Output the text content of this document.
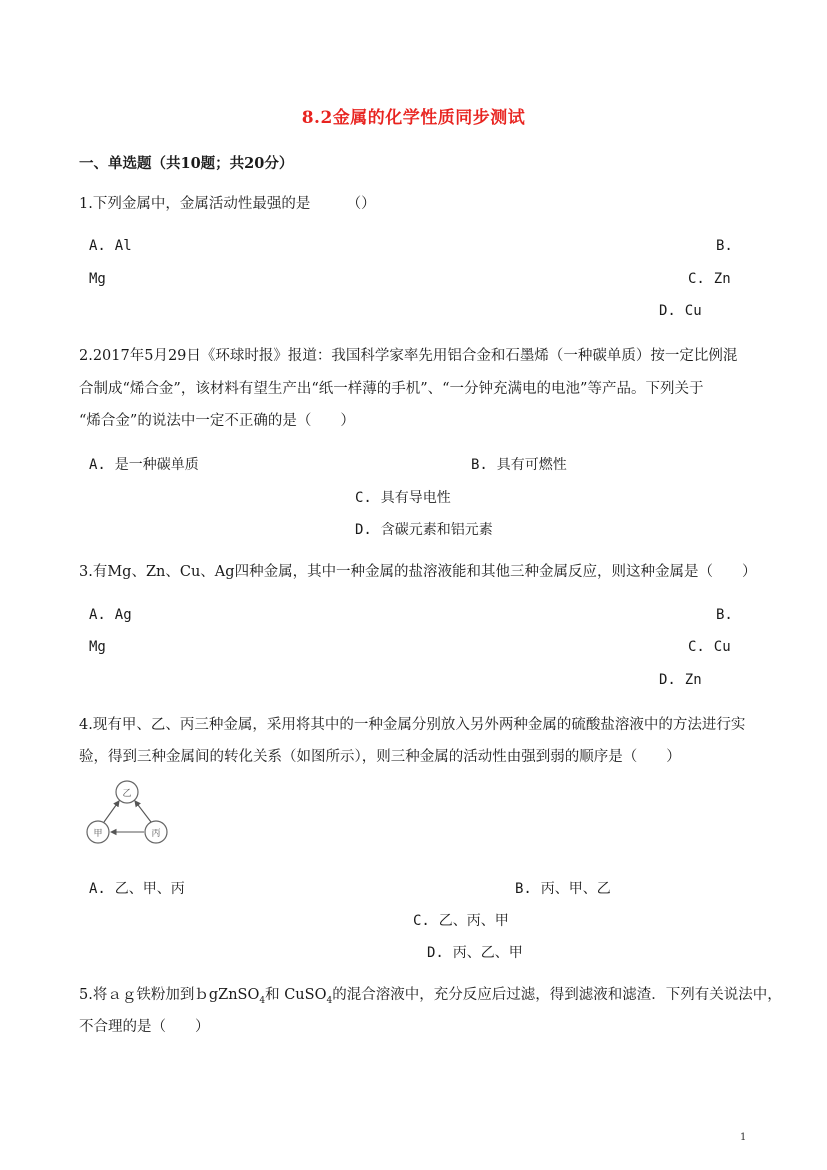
8.2金属的化学性质同步测试
一、单选题（共10题；共20分）
1.下列金属中，金属活动性最强的是　　　（）
A. Al	B.
Mg	C. Zn
D. Cu
2.2017年5月29日《环球时报》报道：我国科学家率先用铝合金和石墨烯（一种碳单质）按一定比例混
合制成“烯合金”，该材料有望生产出“纸一样薄的手机”、“一分钟充满电的电池”等产品。下列关于
“烯合金”的说法中一定不正确的是（　　）
A. 是一种碳单质	B. 具有可燃性
C. 具有导电性
D. 含碳元素和铝元素
3.有Mg、Zn、Cu、Ag四种金属，其中一种金属的盐溶液能和其他三种金属反应，则这种金属是（　　）
A. Ag	B.
Mg	C. Cu
D. Zn
4.现有甲、乙、丙三种金属，采用将其中的一种金属分别放入另外两种金属的硫酸盐溶液中的方法进行实
验，得到三种金属间的转化关系（如图所示），则三种金属的活动性由强到弱的顺序是（　　）
乙
甲	丙
A. 乙、甲、丙	B. 丙、甲、乙
C. 乙、丙、甲
D. 丙、乙、甲
5.将ａｇ铁粉加到ｂgZnSO$_4$和 CuSO$_4$的混合溶液中，充分反应后过滤，得到滤液和滤渣．下列有关说法中，
不合理的是（　　）
1
